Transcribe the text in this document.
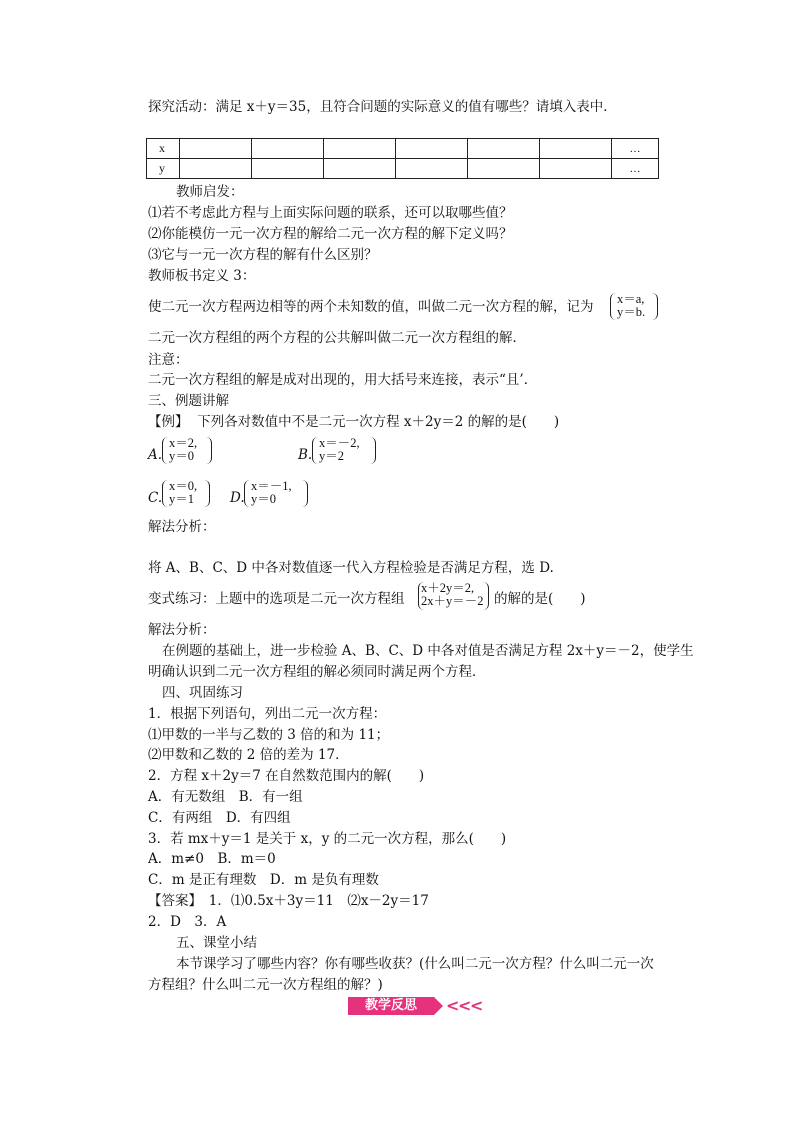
探究活动：满足 x＋y＝35，且符合问题的实际意义的值有哪些？请填入表中．
x							…
y							…
教师启发：
⑴若不考虑此方程与上面实际问题的联系，还可以取哪些值？
⑵你能模仿一元一次方程的解给二元一次方程的解下定义吗？
⑶它与一元一次方程的解有什么区别？
教师板书定义 3：
使二元一次方程两边相等的两个未知数的值，叫做二元一次方程的解，记为 x＝a,
y＝b.
二元一次方程组的两个方程的公共解叫做二元一次方程组的解．
注意：
二元一次方程组的解是成对出现的，用大括号来连接，表示“且’．
三、例题讲解
【例】 下列各对数值中不是二元一次方程 x＋2y＝2 的解的是(　　)
A.
x＝2,
y＝0	B.
x＝－2,
y＝2
C.
x＝0,
y＝1	D.
x＝－1,
y＝0
解法分析：
将 A、B、C、D 中各对数值逐一代入方程检验是否满足方程，选 D.
变式练习：上题中的选项是二元一次方程组
x＋2y＝2,
2x＋y＝－2 的解的是(　　)
解法分析：
在例题的基础上，进一步检验 A、B、C、D 中各对值是否满足方程 2x＋y＝－2，使学生
明确认识到二元一次方程组的解必须同时满足两个方程．
四、巩固练习
1．根据下列语句，列出二元一次方程：
⑴甲数的一半与乙数的 3 倍的和为 11；
⑵甲数和乙数的 2 倍的差为 17．
2．方程 x＋2y＝7 在自然数范围内的解(　　)
A．有无数组　B．有一组
C．有两组　D．有四组
3．若 mx＋y＝1 是关于 x，y 的二元一次方程，那么(　　)
A．m≠0　B．m＝0
C．m 是正有理数　D．m 是负有理数
【答案】　1．⑴0.5x＋3y＝11　⑵x－2y＝17
2．D　3．A
五、课堂小结
本节课学习了哪些内容？你有哪些收获？(什么叫二元一次方程？什么叫二元一次
方程组？什么叫二元一次方程组的解？)
教学反思	<
<
<
